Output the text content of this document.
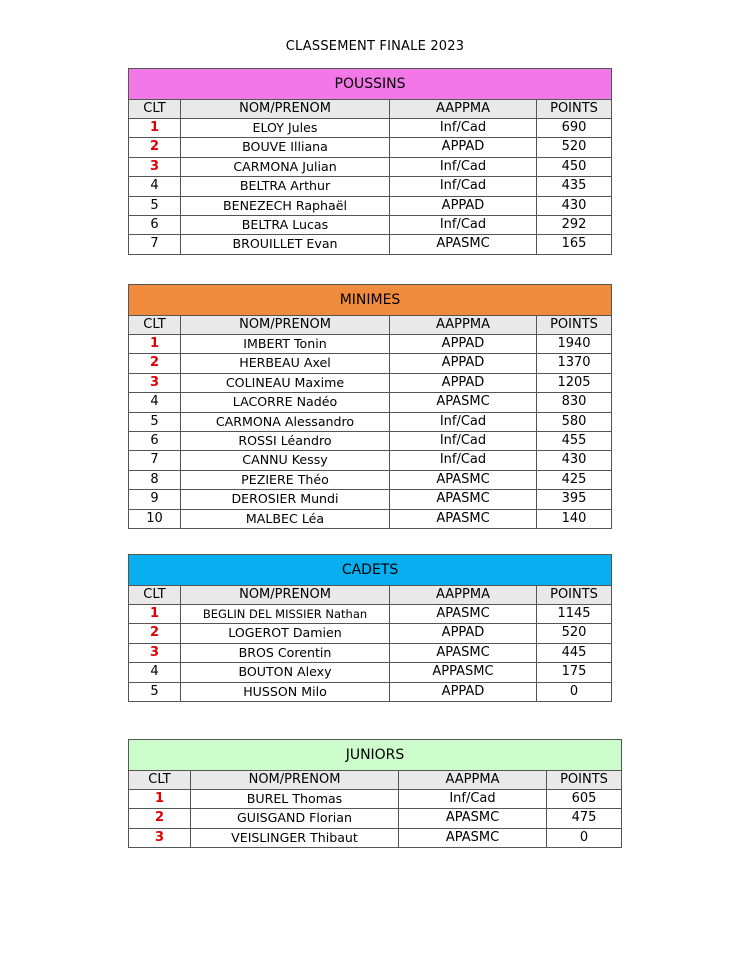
CLASSEMENT FINALE 2023
POUSSINS			
CLT	NOM/PRENOM	AAPPMA	POINTS
1	ELOY Jules	Inf/Cad	690
2	BOUVE Illiana	APPAD	520
3	CARMONA Julian	Inf/Cad	450
4	BELTRA Arthur	Inf/Cad	435
5	BENEZECH Raphaël	APPAD	430
6	BELTRA Lucas	Inf/Cad	292
7	BROUILLET Evan	APASMC	165
MINIMES			
CLT	NOM/PRENOM	AAPPMA	POINTS
1	IMBERT Tonin	APPAD	1940
2	HERBEAU Axel	APPAD	1370
3	COLINEAU Maxime	APPAD	1205
4	LACORRE Nadéo	APASMC	830
5	CARMONA Alessandro	Inf/Cad	580
6	ROSSI Léandro	Inf/Cad	455
7	CANNU Kessy	Inf/Cad	430
8	PEZIERE Théo	APASMC	425
9	DEROSIER Mundi	APASMC	395
10	MALBEC Léa	APASMC	140
CADETS			
CLT	NOM/PRENOM	AAPPMA	POINTS
1	BEGLIN DEL MISSIER Nathan	APASMC	1145
2	LOGEROT Damien	APPAD	520
3	BROS Corentin	APASMC	445
4	BOUTON Alexy	APPASMC	175
5	HUSSON Milo	APPAD	0
JUNIORS			
CLT	NOM/PRENOM	AAPPMA	POINTS
1	BUREL Thomas	Inf/Cad	605
2	GUISGAND Florian	APASMC	475
3	VEISLINGER Thibaut	APASMC	0
